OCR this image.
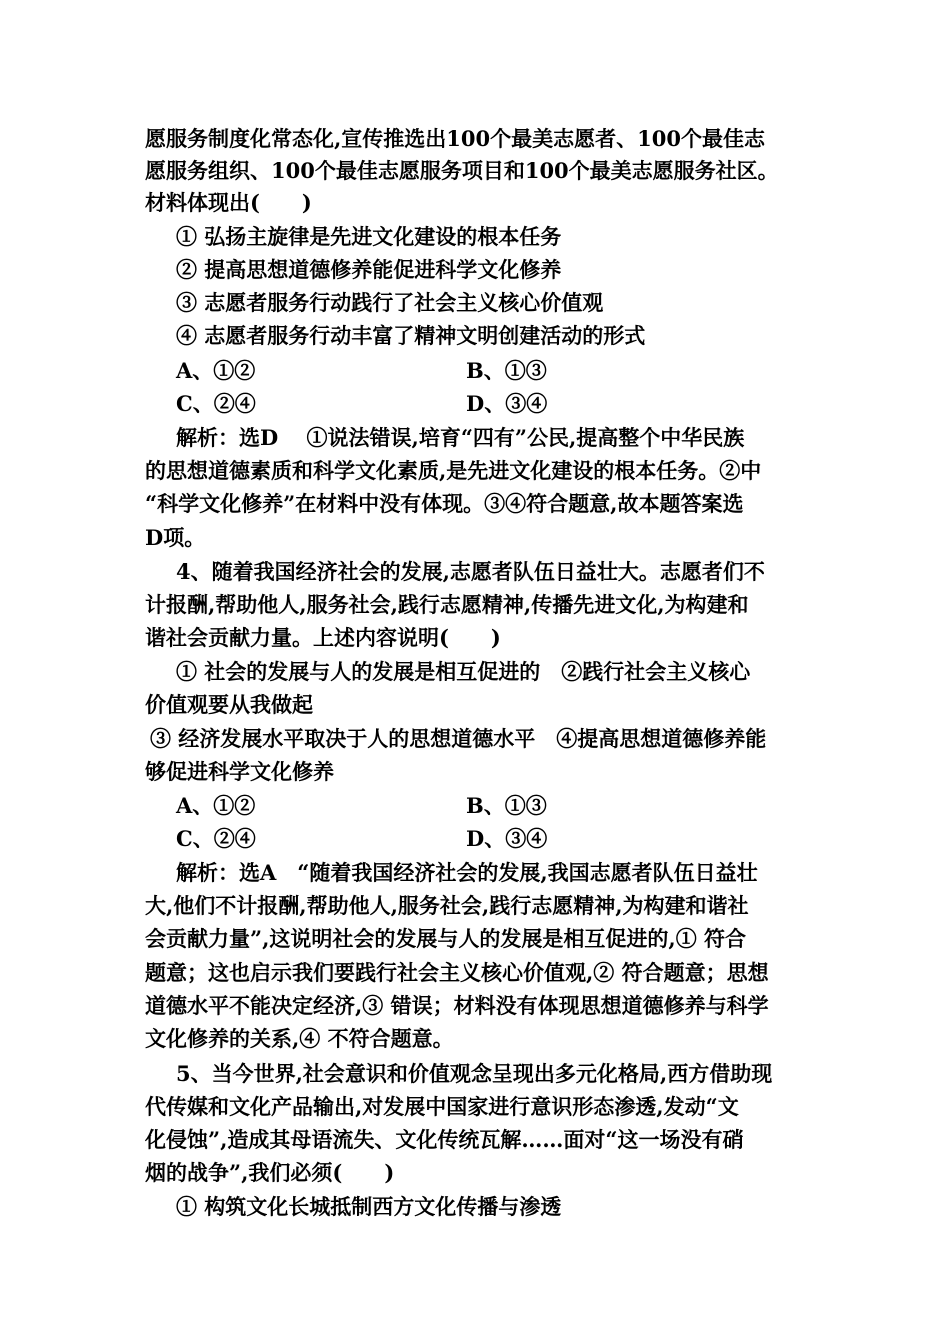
愿服务制度化常态化,宣传推选出100个最美志愿者、100个最佳志
愿服务组织、100个最佳志愿服务项目和100个最美志愿服务社区。
材料体现出(　　)
① 弘扬主旋律是先进文化建设的根本任务
② 提高思想道德修养能促进科学文化修养
③ 志愿者服务行动践行了社会主义核心价值观
④ 志愿者服务行动丰富了精神文明创建活动的形式
A、①②	B、①③
C、②④	D、③④
解析：选D　 ①说法错误,培育“四有”公民,提高整个中华民族
的思想道德素质和科学文化素质,是先进文化建设的根本任务。②中
“科学文化修养”在材料中没有体现。③④符合题意,故本题答案选
D项。
4、随着我国经济社会的发展,志愿者队伍日益壮大。志愿者们不
计报酬,帮助他人,服务社会,践行志愿精神,传播先进文化,为构建和
谐社会贡献力量。上述内容说明(　　)
① 社会的发展与人的发展是相互促进的　②践行社会主义核心
价值观要从我做起
③ 经济发展水平取决于人的思想道德水平　④提高思想道德修养能
够促进科学文化修养
A、①②	B、①③
C、②④	D、③④
解析：选A　“随着我国经济社会的发展,我国志愿者队伍日益壮
大,他们不计报酬,帮助他人,服务社会,践行志愿精神,为构建和谐社
会贡献力量”,这说明社会的发展与人的发展是相互促进的,① 符合
题意；这也启示我们要践行社会主义核心价值观,② 符合题意；思想
道德水平不能决定经济,③ 错误；材料没有体现思想道德修养与科学
文化修养的关系,④ 不符合题意。
5、当今世界,社会意识和价值观念呈现出多元化格局,西方借助现
代传媒和文化产品输出,对发展中国家进行意识形态渗透,发动“文
化侵蚀”,造成其母语流失、文化传统瓦解……面对“这一场没有硝
烟的战争”,我们必须(　　)
① 构筑文化长城抵制西方文化传播与渗透
